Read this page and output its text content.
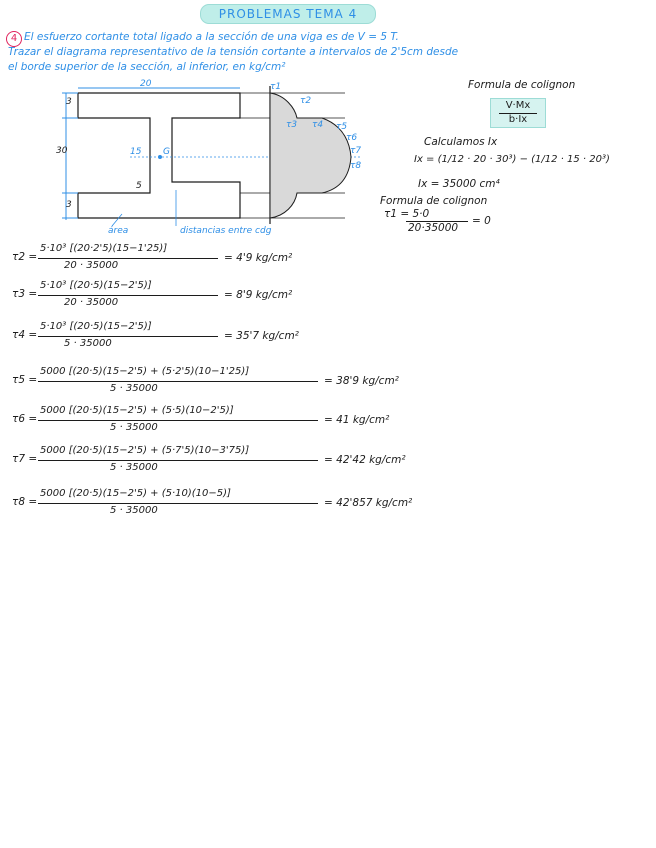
PROBLEMAS TEMA 4
4 El esfuerzo cortante total ligado a la sección de una viga es de V = 5 T.
Trazar el diagrama representativo de la tensión cortante a intervalos de 2'5cm desde
el borde superior de la sección, al inferior, en kg/cm²
Formula de colignon
V·Mx
b·Ix
Calculamos Ix
Ix = (1/12 · 20 · 30³) − (1/12 · 15 · 20³)
Ix = 35000 cm⁴
Formula de colignon
τ1 = 5·0
20·35000
= 0
20
30
3
3
5
15 G
área	distancias entre cdg
τ1
τ2
τ3 τ4 τ5
τ6
τ7
τ8
τ2 =
5·10³ [(20·2'5)(15−1'25)]
20 · 35000
= 4'9 kg/cm²
τ3 =
5·10³ [(20·5)(15−2'5)]
20 · 35000
= 8'9 kg/cm²
τ4 =
5·10³ [(20·5)(15−2'5)]
5 · 35000
= 35'7 kg/cm²
τ5 =
5000 [(20·5)(15−2'5) + (5·2'5)(10−1'25)]
5 · 35000
= 38'9 kg/cm²
τ6 =
5000 [(20·5)(15−2'5) + (5·5)(10−2'5)]
5 · 35000
= 41 kg/cm²
τ7 =
5000 [(20·5)(15−2'5) + (5·7'5)(10−3'75)]
5 · 35000
= 42'42 kg/cm²
τ8 =
5000 [(20·5)(15−2'5) + (5·10)(10−5)]
5 · 35000
= 42'857 kg/cm²
